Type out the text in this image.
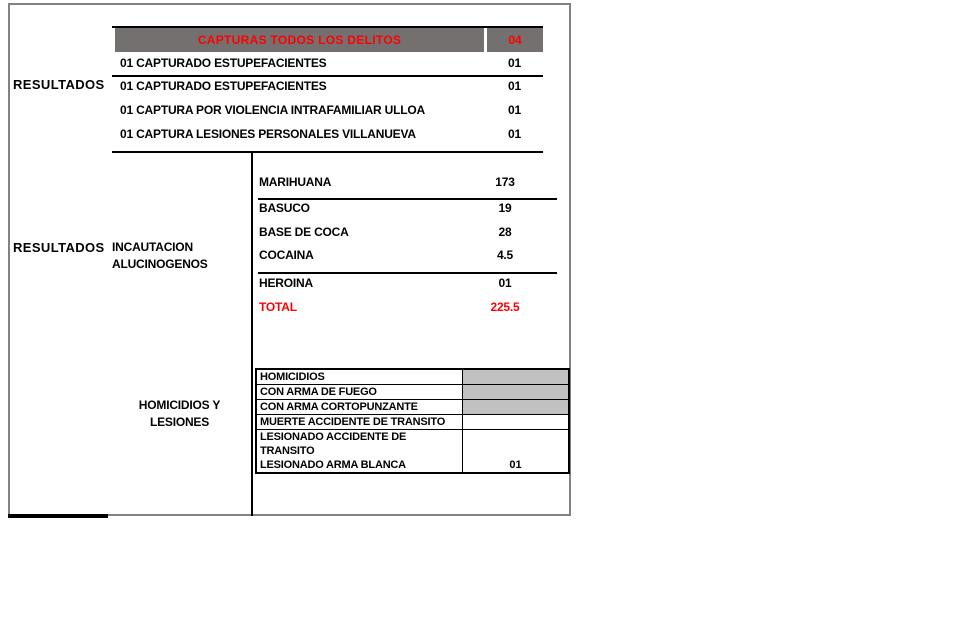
RESULTADOS
CAPTURAS TODOS LOS DELITOS	04
01 CAPTURADO ESTUPEFACIENTES	01
01 CAPTURADO ESTUPEFACIENTES	01
01 CAPTURA POR VIOLENCIA INTRAFAMILIAR ULLOA	01
01 CAPTURA LESIONES PERSONALES VILLANUEVA	01
RESULTADOS INCAUTACION
ALUCINOGENOS
MARIHUANA	173
BASUCO	19
BASE DE COCA	28
COCAINA	4.5
HEROINA	01
TOTAL	225.5
HOMICIDIOS Y
LESIONES
HOMICIDIOS
CON ARMA DE FUEGO
CON ARMA CORTOPUNZANTE
MUERTE ACCIDENTE DE TRANSITO
LESIONADO ACCIDENTE DE
TRANSITO
LESIONADO ARMA BLANCA	01
